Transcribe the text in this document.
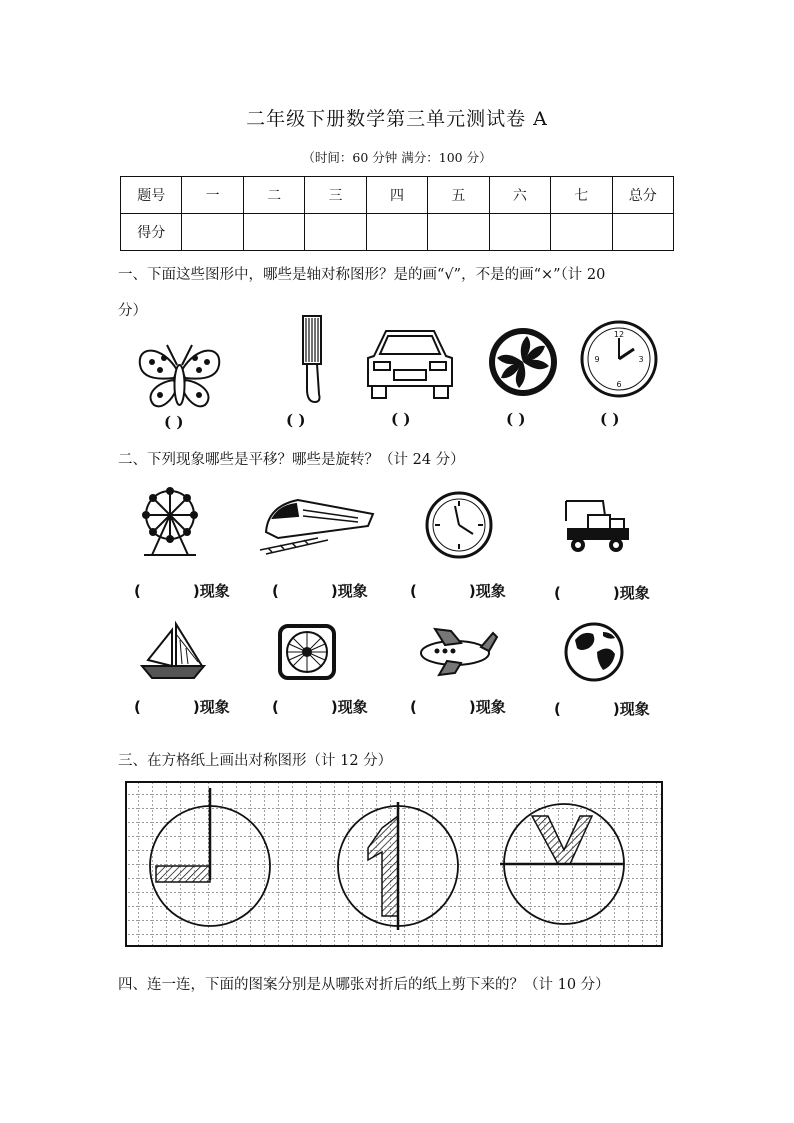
二年级下册数学第三单元测试卷 A
（时间：60 分钟 满分：100 分）
题号	一	二	三	四	五	六	七	总分
得分								
一、下面这些图形中，哪些是轴对称图形？是的画“√”，不是的画“×”（计 20
分）
12
3
6
9
( )	( )	( )	( )	( )
二、下列现象哪些是平移？哪些是旋转？（计 24 分）
(	)现象	(	)现象	(	)现象	(	)现象
(	)现象	(	)现象	(	)现象	(	)现象
三、在方格纸上画出对称图形（计 12 分）
四、连一连，下面的图案分别是从哪张对折后的纸上剪下来的？（计 10 分）
